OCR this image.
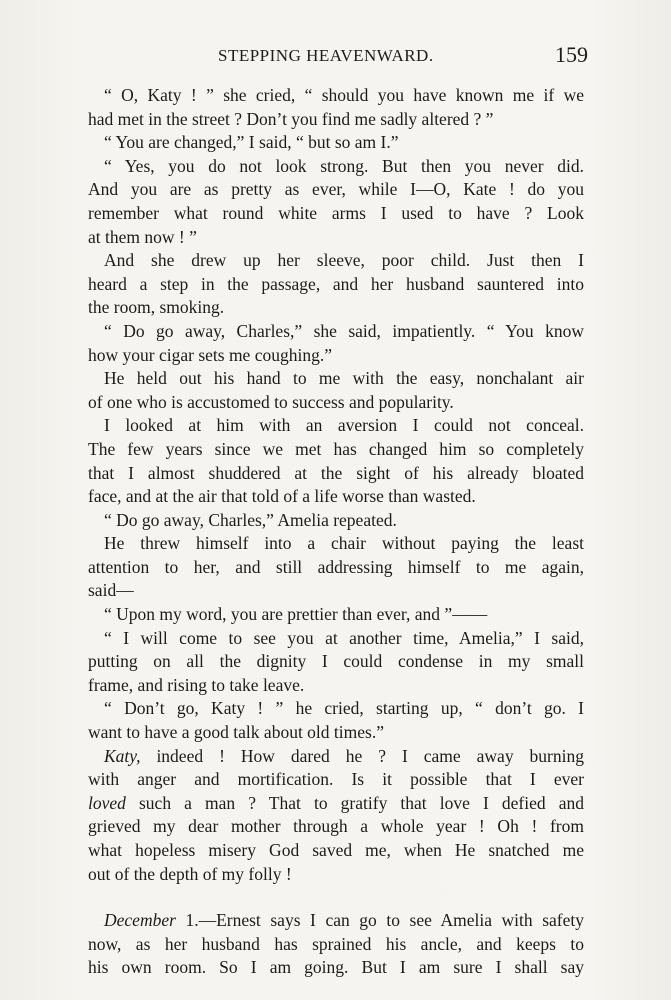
STEPPING HEAVENWARD.	159
“ O, Katy ! ” she cried, “ should you have known me if we
had met in the street ? Don’t you find me sadly altered ? ”
“ You are changed,” I said, “ but so am I.”
“ Yes, you do not look strong. But then you never did.
And you are as pretty as ever, while I—O, Kate ! do you
remember what round white arms I used to have ? Look
at them now ! ”
And she drew up her sleeve, poor child. Just then I
heard a step in the passage, and her husband sauntered into
the room, smoking.
“ Do go away, Charles,” she said, impatiently. “ You know
how your cigar sets me coughing.”
He held out his hand to me with the easy, nonchalant air
of one who is accustomed to success and popularity.
I looked at him with an aversion I could not conceal.
The few years since we met has changed him so completely
that I almost shuddered at the sight of his already bloated
face, and at the air that told of a life worse than wasted.
“ Do go away, Charles,” Amelia repeated.
He threw himself into a chair without paying the least
attention to her, and still addressing himself to me again,
said—
“ Upon my word, you are prettier than ever, and ”——
“ I will come to see you at another time, Amelia,” I said,
putting on all the dignity I could condense in my small
frame, and rising to take leave.
“ Don’t go, Katy ! ” he cried, starting up, “ don’t go. I
want to have a good talk about old times.”
Katy, indeed ! How dared he ? I came away burning
with anger and mortification. Is it possible that I ever
loved such a man ? That to gratify that love I defied and
grieved my dear mother through a whole year ! Oh ! from
what hopeless misery God saved me, when He snatched me
out of the depth of my folly !
December 1.—Ernest says I can go to see Amelia with safety
now, as her husband has sprained his ancle, and keeps to
his own room. So I am going. But I am sure I shall say
